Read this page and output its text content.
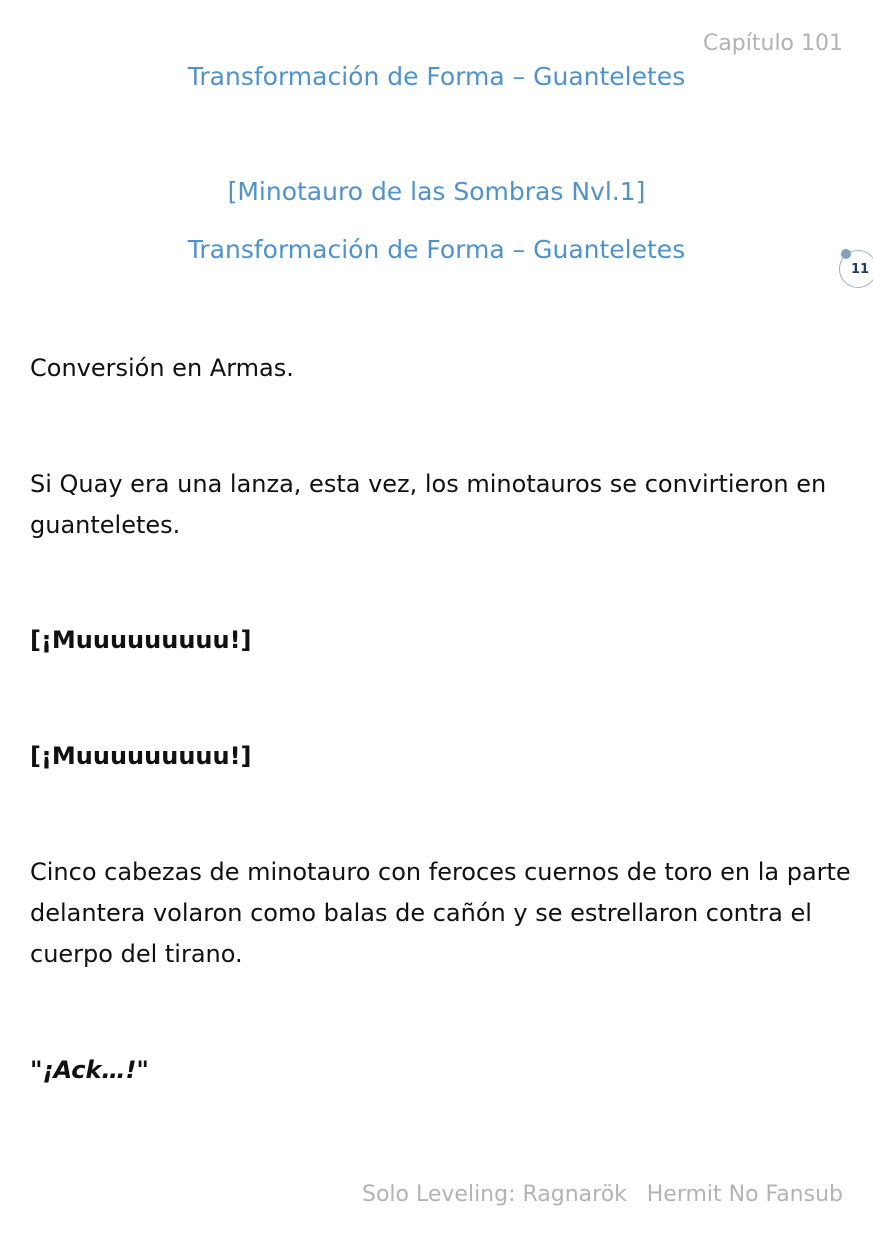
Capítulo 101
Transformación de Forma – Guanteletes
[Minotauro de las Sombras Nvl.1]
Transformación de Forma – Guanteletes
11
Conversión en Armas.
Si Quay era una lanza, esta vez, los minotauros se convirtieron en guanteletes.
[¡Muuuuuuuuu!]
[¡Muuuuuuuuu!]
Cinco cabezas de minotauro con feroces cuernos de toro en la parte delantera volaron como balas de cañón y se estrellaron contra el cuerpo del tirano.
"¡Ack…!"
Solo Leveling: Ragnarök Hermit No Fansub
